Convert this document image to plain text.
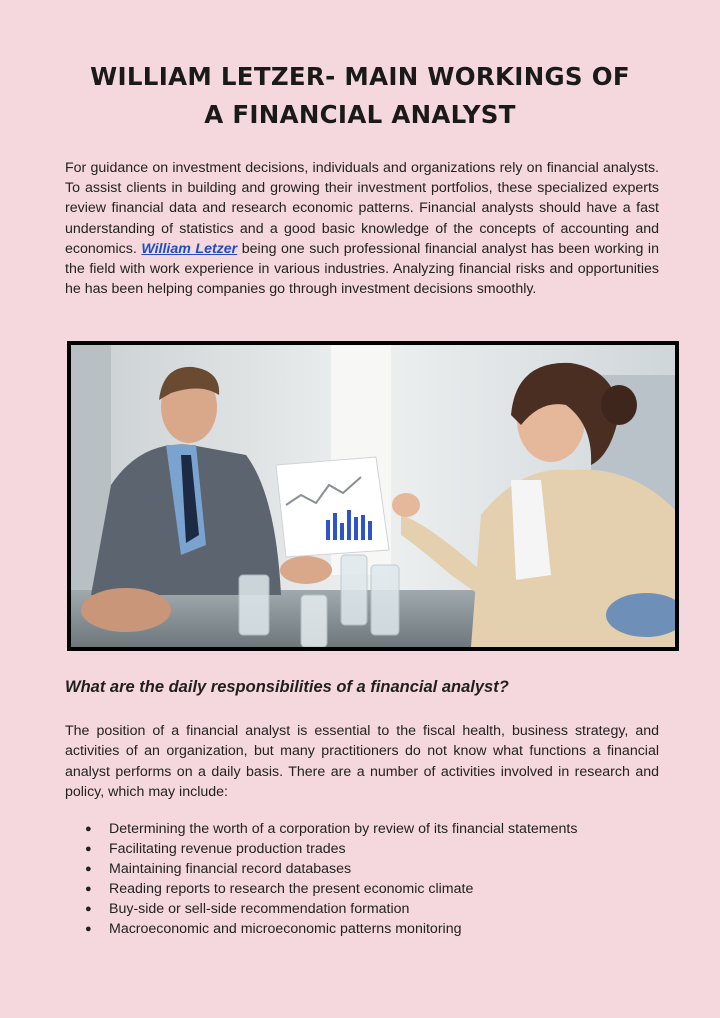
WILLIAM LETZER- MAIN WORKINGS OF
A FINANCIAL ANALYST

For guidance on investment decisions, individuals and organizations rely on financial analysts. To assist clients in building and growing their investment portfolios, these specialized experts review financial data and research economic patterns. Financial analysts should have a fast understanding of statistics and a good basic knowledge of the concepts of accounting and economics. William Letzer being one such professional financial analyst has been working in the field with work experience in various industries. Analyzing financial risks and opportunities he has been helping companies go through investment decisions smoothly.

What are the daily responsibilities of a financial analyst?

The position of a financial analyst is essential to the fiscal health, business strategy, and activities of an organization, but many practitioners do not know what functions a financial analyst performs on a daily basis. There are a number of activities involved in research and policy, which may include:

● Determining the worth of a corporation by review of its financial statements
● Facilitating revenue production trades
● Maintaining financial record databases
● Reading reports to research the present economic climate
● Buy-side or sell-side recommendation formation
● Macroeconomic and microeconomic patterns monitoring
